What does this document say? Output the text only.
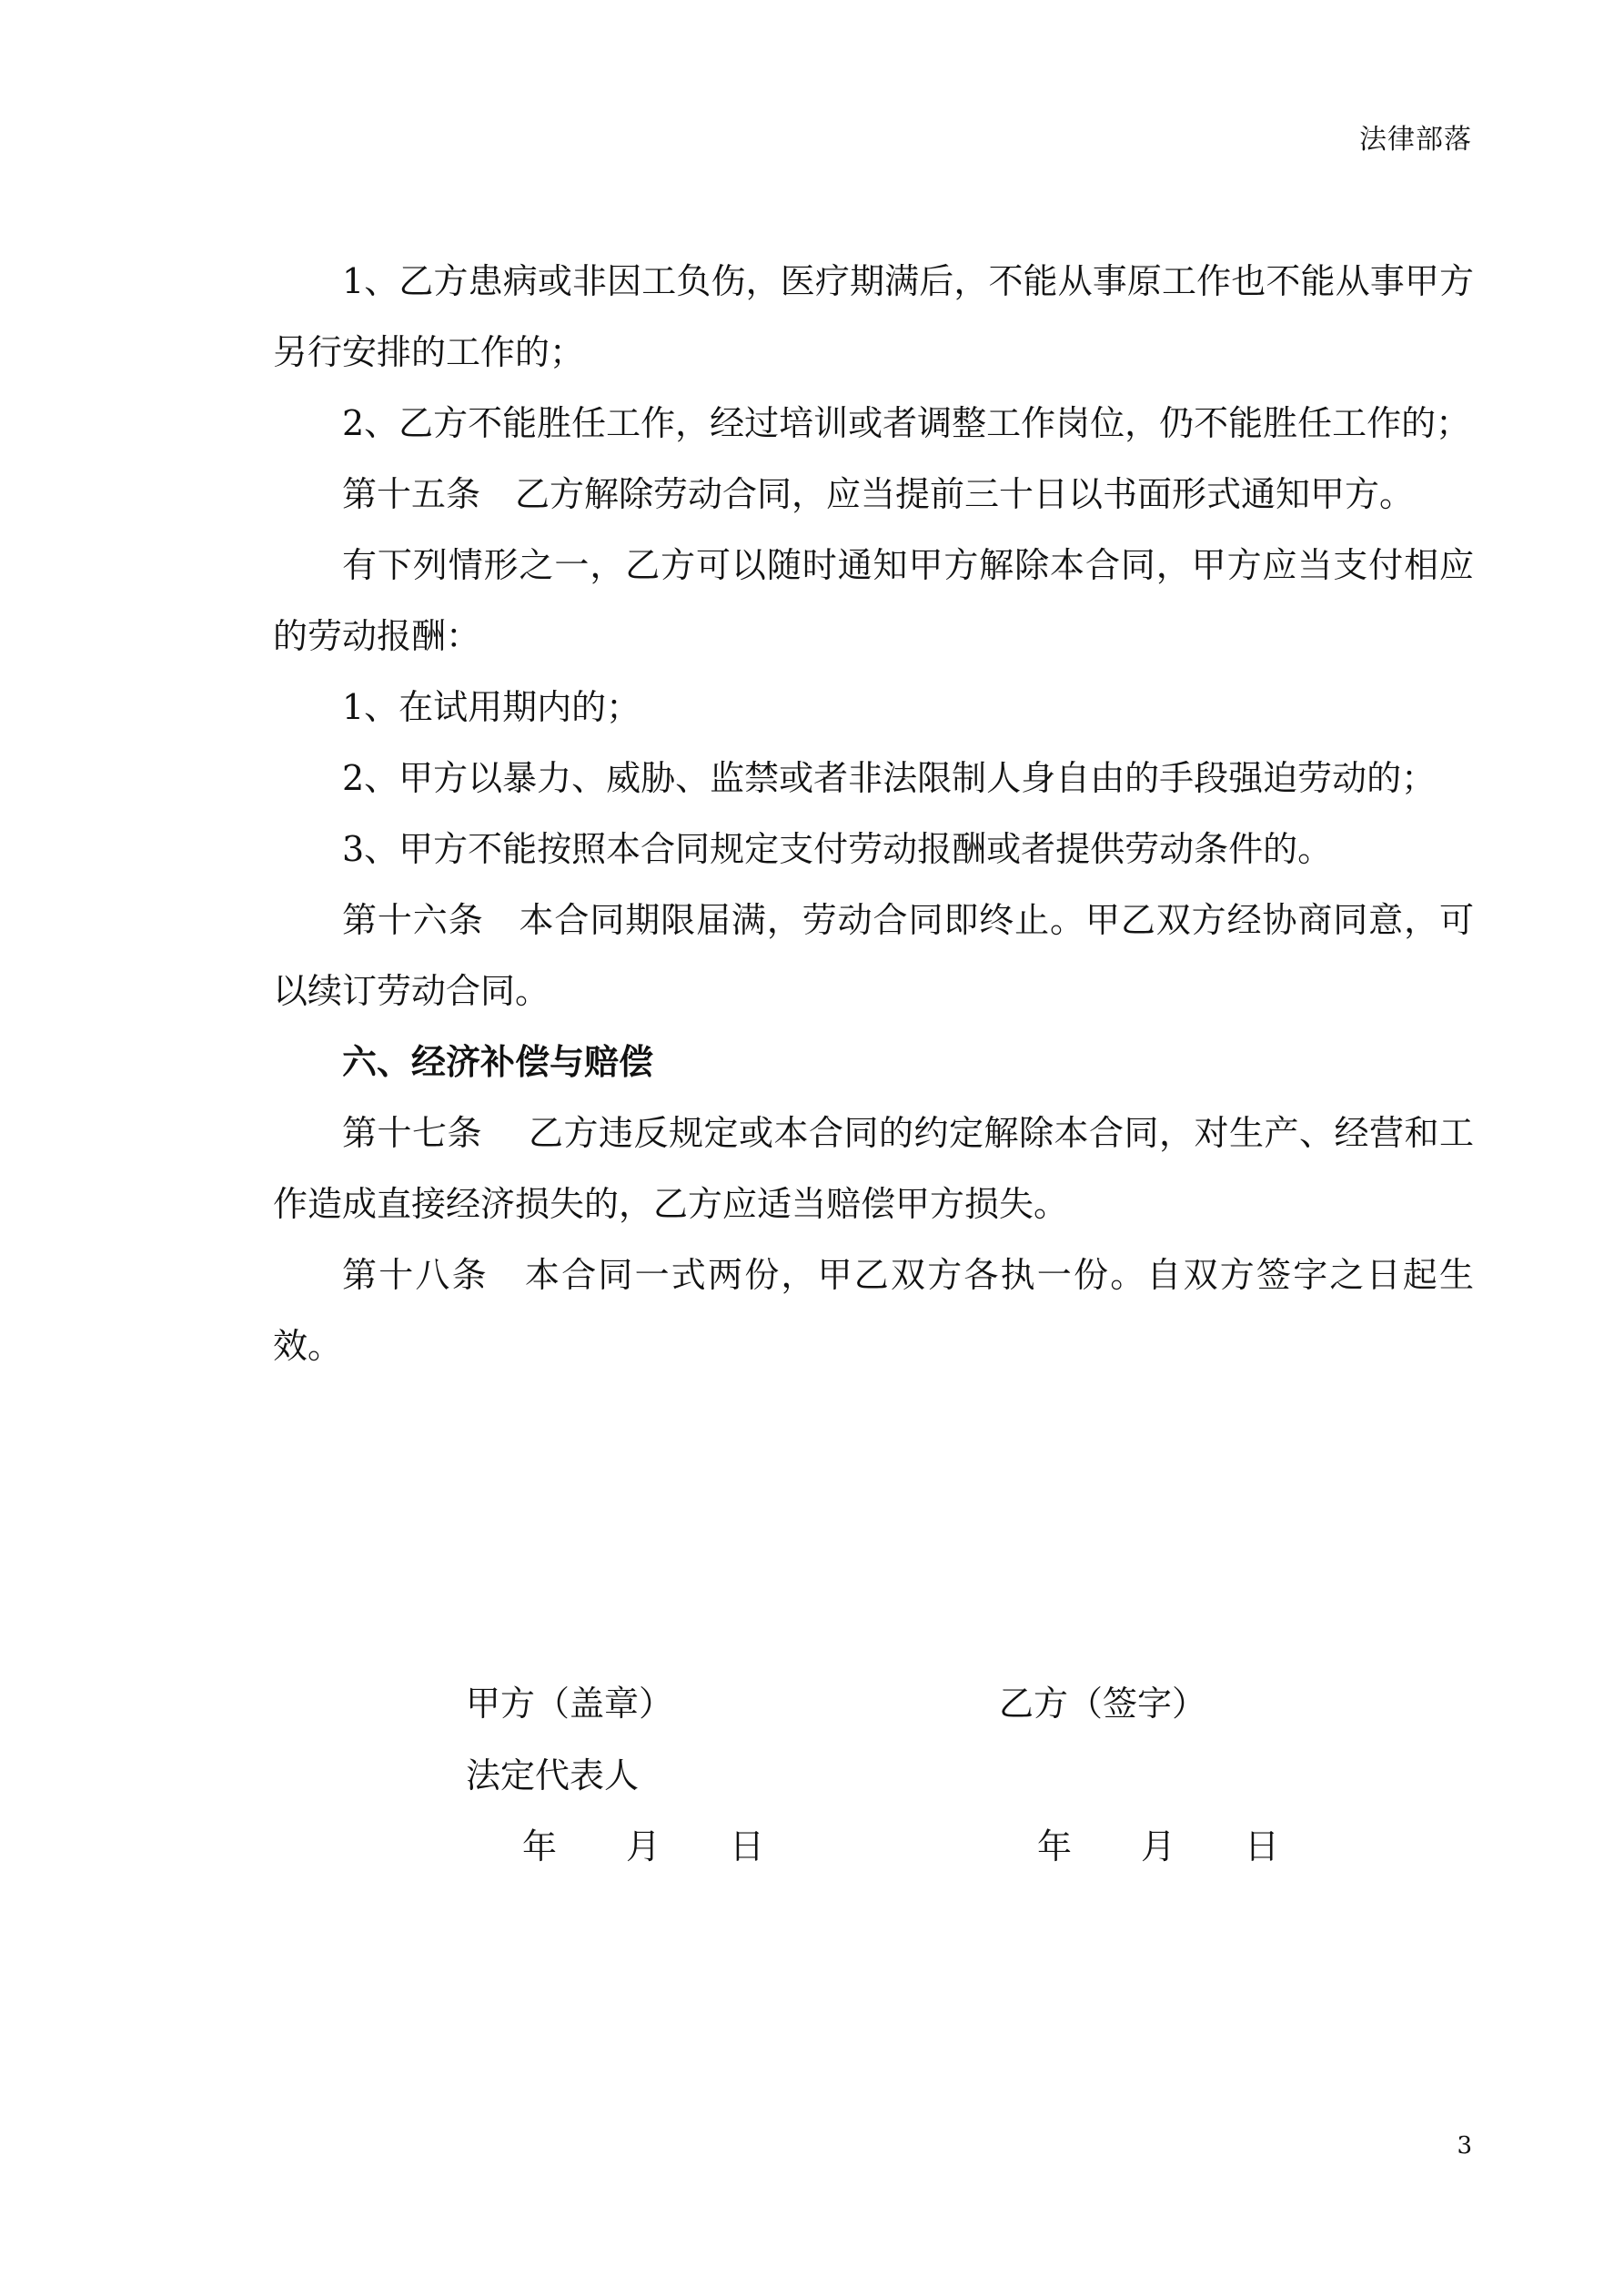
法律部落

1、乙方患病或非因工负伤，医疗期满后，不能从事原工作也不能从事甲方另行安排的工作的；

2、乙方不能胜任工作，经过培训或者调整工作岗位，仍不能胜任工作的；

第十五条　乙方解除劳动合同，应当提前三十日以书面形式通知甲方。

有下列情形之一，乙方可以随时通知甲方解除本合同，甲方应当支付相应的劳动报酬：

1、在试用期内的；

2、甲方以暴力、威胁、监禁或者非法限制人身自由的手段强迫劳动的；

3、甲方不能按照本合同规定支付劳动报酬或者提供劳动条件的。

第十六条　本合同期限届满，劳动合同即终止。甲乙双方经协商同意，可以续订劳动合同。

六、经济补偿与赔偿

第十七条　 乙方违反规定或本合同的约定解除本合同，对生产、经营和工作造成直接经济损失的，乙方应适当赔偿甲方损失。

第十八条　本合同一式两份，甲乙双方各执一份。自双方签字之日起生效。

甲方（盖章）	乙方（签字）
法定代表人
年　　月　　日	年　　月　　日
3
